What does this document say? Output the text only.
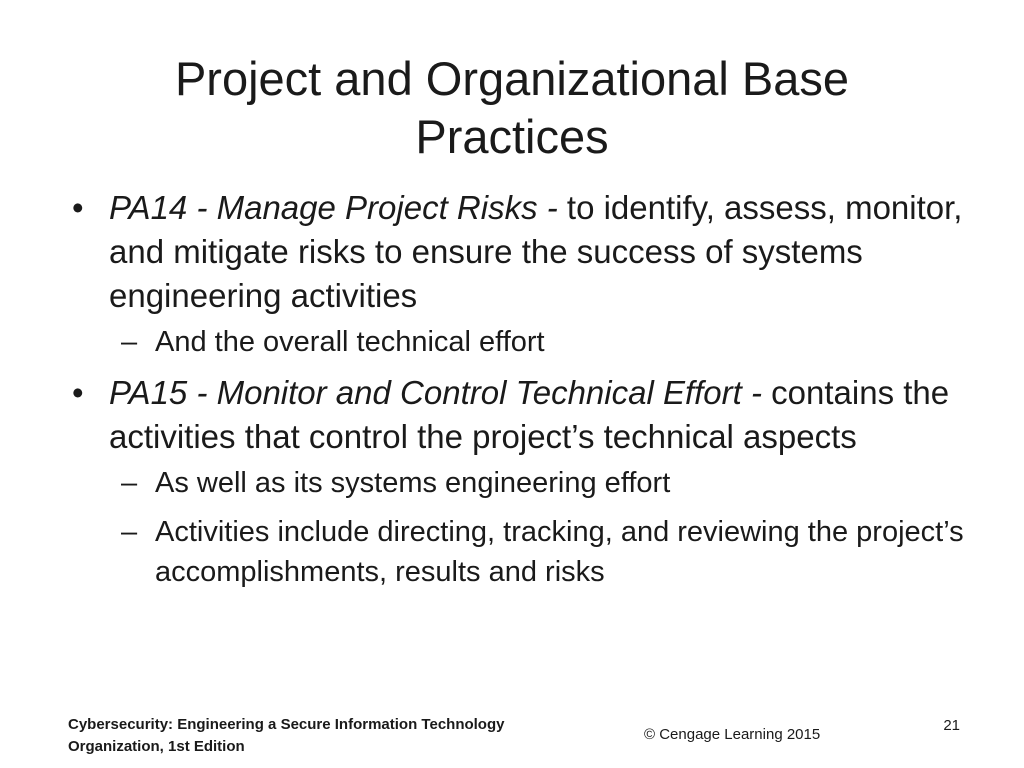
Project and Organizational Base
Practices
• PA14 - Manage Project Risks - to identify, assess, monitor, and mitigate risks to ensure the success of systems engineering activities
– And the overall technical effort
• PA15 - Monitor and Control Technical Effort - contains the activities that control the project’s technical aspects
– As well as its systems engineering effort
– Activities include directing, tracking, and reviewing the project’s accomplishments, results and risks
Cybersecurity: Engineering a Secure Information Technology
Organization, 1st Edition
© Cengage Learning 2015
21
